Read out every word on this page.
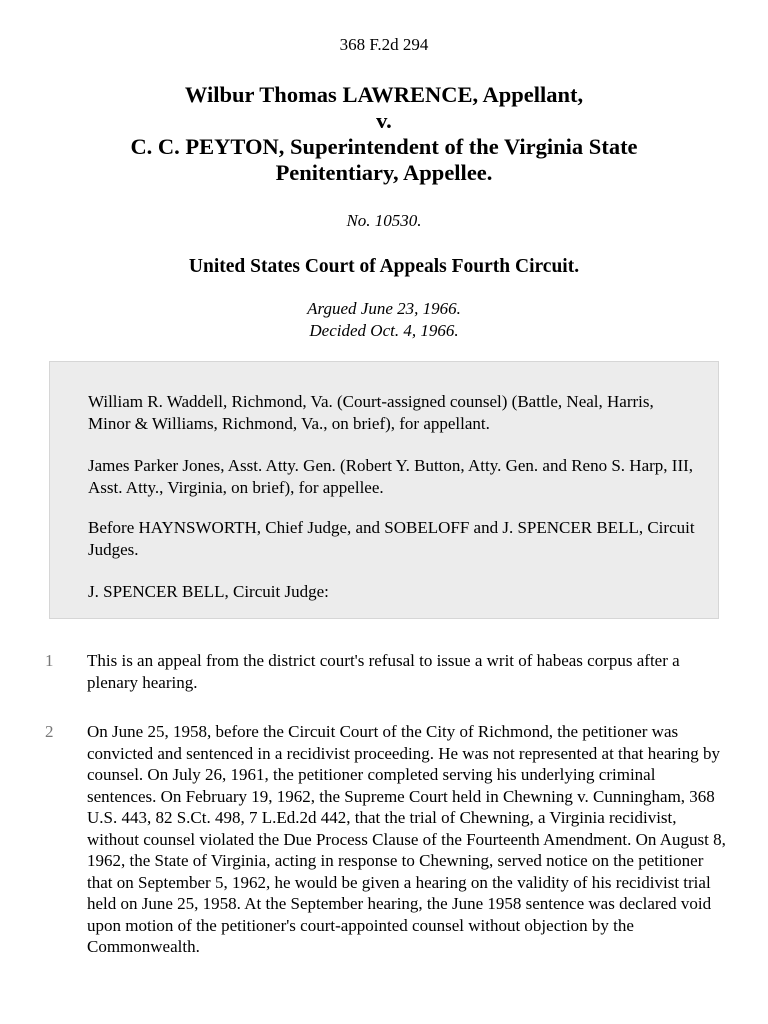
368 F.2d 294
Wilbur Thomas LAWRENCE, Appellant,
v.
C. C. PEYTON, Superintendent of the Virginia State
Penitentiary, Appellee.
No. 10530.
United States Court of Appeals Fourth Circuit.
Argued June 23, 1966.
Decided Oct. 4, 1966.

William R. Waddell, Richmond, Va. (Court-assigned counsel) (Battle, Neal, Harris, Minor & Williams, Richmond, Va., on brief), for appellant.

James Parker Jones, Asst. Atty. Gen. (Robert Y. Button, Atty. Gen. and Reno S. Harp, III, Asst. Atty., Virginia, on brief), for appellee.

Before HAYNSWORTH, Chief Judge, and SOBELOFF and J. SPENCER BELL, Circuit Judges.

J. SPENCER BELL, Circuit Judge:

1 This is an appeal from the district court's refusal to issue a writ of habeas corpus after a plenary hearing.

2 On June 25, 1958, before the Circuit Court of the City of Richmond, the petitioner was convicted and sentenced in a recidivist proceeding. He was not represented at that hearing by counsel. On July 26, 1961, the petitioner completed serving his underlying criminal sentences. On February 19, 1962, the Supreme Court held in Chewning v. Cunningham, 368 U.S. 443, 82 S.Ct. 498, 7 L.Ed.2d 442, that the trial of Chewning, a Virginia recidivist, without counsel violated the Due Process Clause of the Fourteenth Amendment. On August 8, 1962, the State of Virginia, acting in response to Chewning, served notice on the petitioner that on September 5, 1962, he would be given a hearing on the validity of his recidivist trial held on June 25, 1958. At the September hearing, the June 1958 sentence was declared void upon motion of the petitioner's court-appointed counsel without objection by the Commonwealth.
